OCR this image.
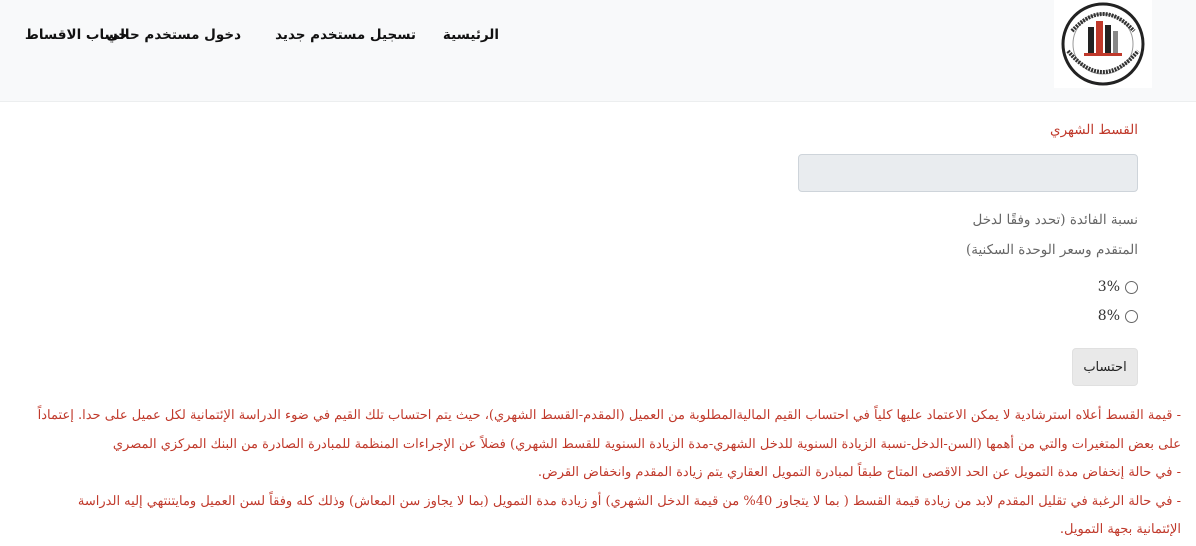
الرئيسية
تسجيل مستخدم جديد
دخول مستخدم حالي
حساب الاقساط
القسط الشهري
نسبة الفائدة (تحدد وفقًا لدخل
المتقدم وسعر الوحدة السكنية)
3%
8%
احتساب

- قيمة القسط أعلاه استرشادية لا يمكن الاعتماد عليها كلياً في احتساب القيم الماليةالمطلوبة من العميل (المقدم-القسط الشهري)، حيث يتم احتساب تلك القيم في ضوء الدراسة الإئتمانية لكل عميل على حدا. إعتماداً على بعض المتغيرات والتي من أهمها (السن-الدخل-نسبة الزيادة السنوية للدخل الشهري-مدة الزيادة السنوية للقسط الشهري) فضلاً عن الإجراءات المنظمة للمبادرة الصادرة من البنك المركزي المصري

- في حالة إنخفاض مدة التمويل عن الحد الاقصى المتاح طبقاً لمبادرة التمويل العقاري يتم زيادة المقدم وانخفاض القرض.

- في حالة الرغبة في تقليل المقدم لابد من زيادة قيمة القسط ( بما لا يتجاوز 40% من قيمة الدخل الشهري) أو زيادة مدة التمويل (بما لا يجاوز سن المعاش) وذلك كله وفقاً لسن العميل ومايتنتهي إليه الدراسة الإئتمانية بجهة التمويل.
